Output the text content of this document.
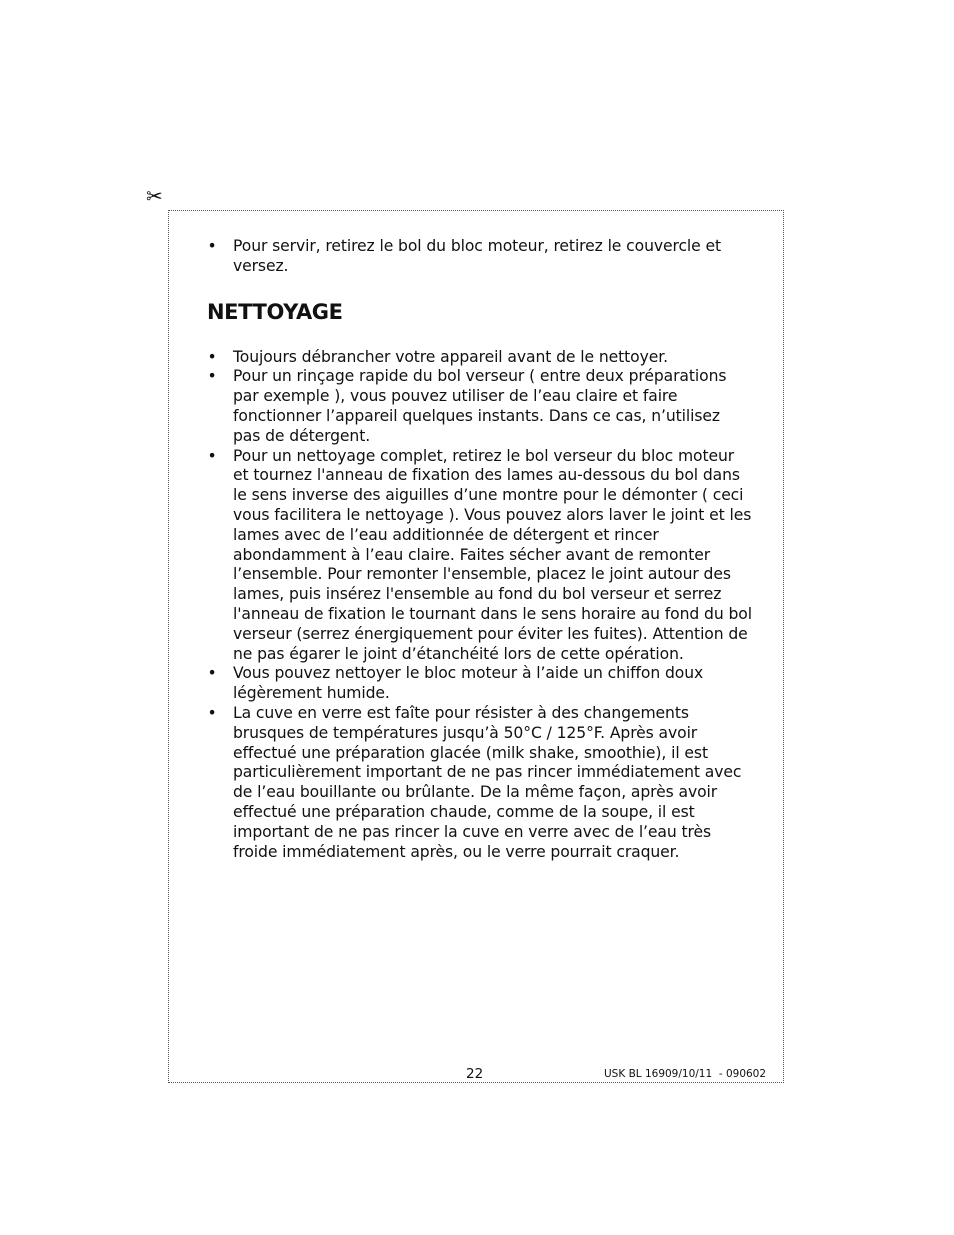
✂
• Pour servir, retirez le bol du bloc moteur, retirez le couvercle et versez.
NETTOYAGE
• Toujours débrancher votre appareil avant de le nettoyer.
• Pour un rinçage rapide du bol verseur ( entre deux préparations par exemple ), vous pouvez utiliser de l’eau claire et faire fonctionner l’appareil quelques instants. Dans ce cas, n’utilisez pas de détergent.
• Pour un nettoyage complet, retirez le bol verseur du bloc moteur et tournez l'anneau de fixation des lames au-dessous du bol dans le sens inverse des aiguilles d’une montre pour le démonter ( ceci vous facilitera le nettoyage ). Vous pouvez alors laver le joint et les lames avec de l’eau additionnée de détergent et rincer abondamment à l’eau claire. Faites sécher avant de remonter l’ensemble. Pour remonter l'ensemble, placez le joint autour des lames, puis insérez l'ensemble au fond du bol verseur et serrez l'anneau de fixation le tournant dans le sens horaire au fond du bol verseur (serrez énergiquement pour éviter les fuites). Attention de ne pas égarer le joint d’étanchéité lors de cette opération.
• Vous pouvez nettoyer le bloc moteur à l’aide un chiffon doux légèrement humide.
• La cuve en verre est faîte pour résister à des changements brusques de températures jusqu’à 50°C / 125°F. Après avoir effectué une préparation glacée (milk shake, smoothie), il est particulièrement important de ne pas rincer immédiatement avec de l’eau bouillante ou brûlante. De la même façon, après avoir effectué une préparation chaude, comme de la soupe, il est important de ne pas rincer la cuve en verre avec de l’eau très froide immédiatement après, ou le verre pourrait craquer.
22	USK BL 16909/10/11  - 090602
